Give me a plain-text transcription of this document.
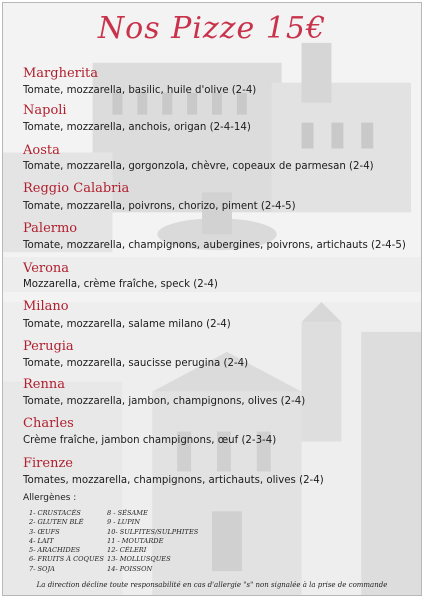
Nos Pizze 15€
Margherita
Tomate, mozzarella, basilic, huile d'olive (2-4)
Napoli
Tomate, mozzarella, anchois, origan (2-4-14)
Aosta
Tomate, mozzarella, gorgonzola, chèvre, copeaux de parmesan (2-4)
Reggio Calabria
Tomate, mozzarella, poivrons, chorizo, piment (2-4-5)
Palermo
Tomate, mozzarella, champignons, aubergines, poivrons, artichauts (2-4-5)
Verona
Mozzarella, crème fraîche, speck (2-4)
Milano
Tomate, mozzarella, salame milano (2-4)
Perugia
Tomate, mozzarella, saucisse perugina (2-4)
Renna
Tomate, mozzarella, jambon, champignons, olives (2-4)
Charles
Crème fraîche, jambon champignons, œuf (2-3-4)
Firenze
Tomates, mozzarella, champignons, artichauts, olives (2-4)
Allergènes :
1- CRUSTACÉS
2- GLUTEN BLÉ
3- ŒUFS
4- LAIT
5- ARACHIDES
6- FRUITS À COQUES
7- SOJA
8 - SÉSAME
9 - LUPIN
10- SULFITES/SULPHITES
11 - MOUTARDE
12- CÉLERI
13- MOLLUSQUES
14- POISSON
La direction décline toute responsabilité en cas d'allergie "s" non signalée à la prise de commande
